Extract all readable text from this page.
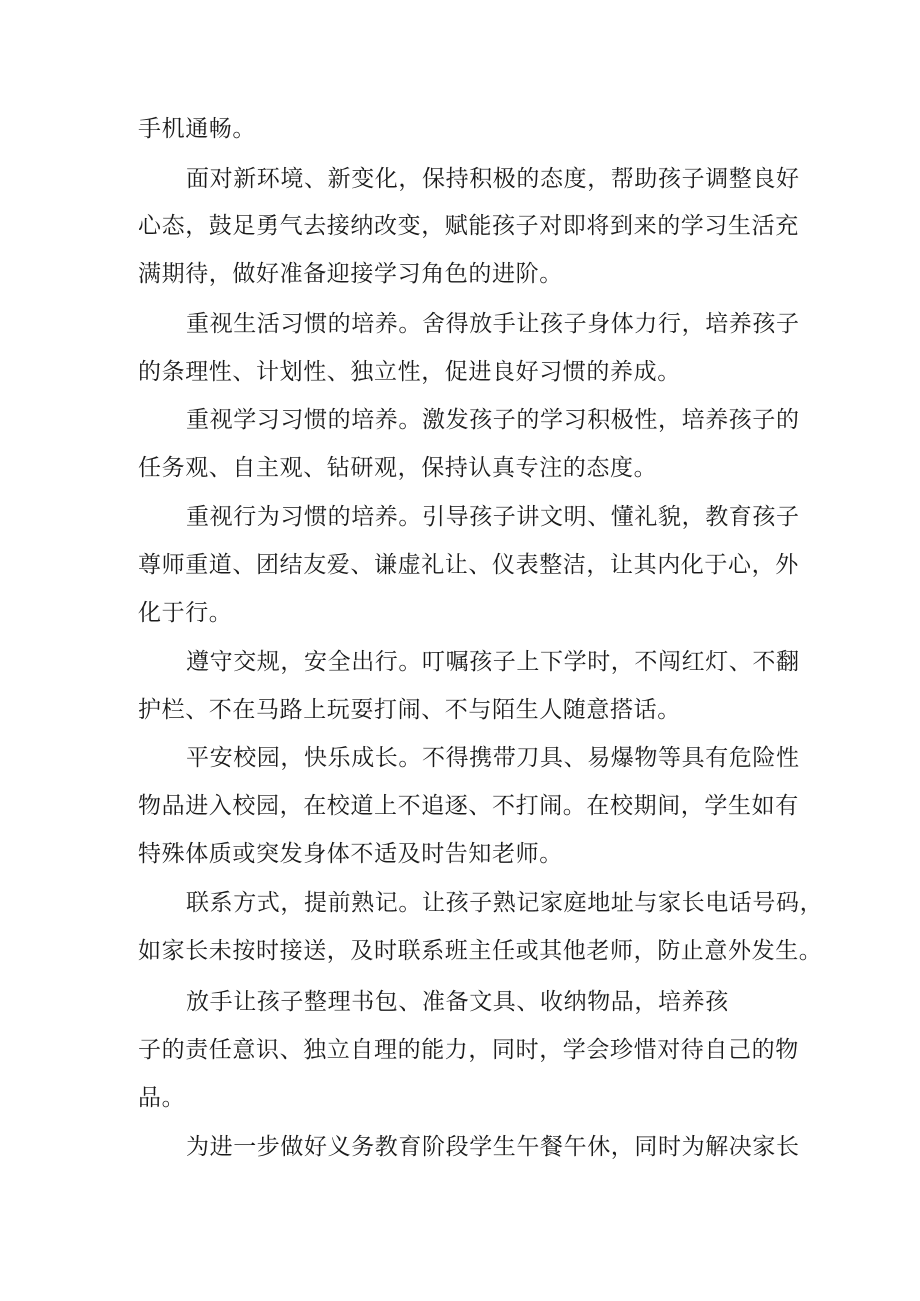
手机通畅。
面对新环境、新变化，保持积极的态度，帮助孩子调整良好
心态，鼓足勇气去接纳改变，赋能孩子对即将到来的学习生活充
满期待，做好准备迎接学习角色的进阶。
重视生活习惯的培养。舍得放手让孩子身体力行，培养孩子
的条理性、计划性、独立性，促进良好习惯的养成。
重视学习习惯的培养。激发孩子的学习积极性，培养孩子的
任务观、自主观、钻研观，保持认真专注的态度。
重视行为习惯的培养。引导孩子讲文明、懂礼貌，教育孩子
尊师重道、团结友爱、谦虚礼让、仪表整洁，让其内化于心，外
化于行。
遵守交规，安全出行。叮嘱孩子上下学时，不闯红灯、不翻
护栏、不在马路上玩耍打闹、不与陌生人随意搭话。
平安校园，快乐成长。不得携带刀具、易爆物等具有危险性
物品进入校园，在校道上不追逐、不打闹。在校期间，学生如有
特殊体质或突发身体不适及时告知老师。
联系方式，提前熟记。让孩子熟记家庭地址与家长电话号码，
如家长未按时接送，及时联系班主任或其他老师，防止意外发生。
放手让孩子整理书包、准备文具、收纳物品，培养孩
子的责任意识、独立自理的能力，同时，学会珍惜对待自己的物
品。
为进一步做好义务教育阶段学生午餐午休，同时为解决家长
